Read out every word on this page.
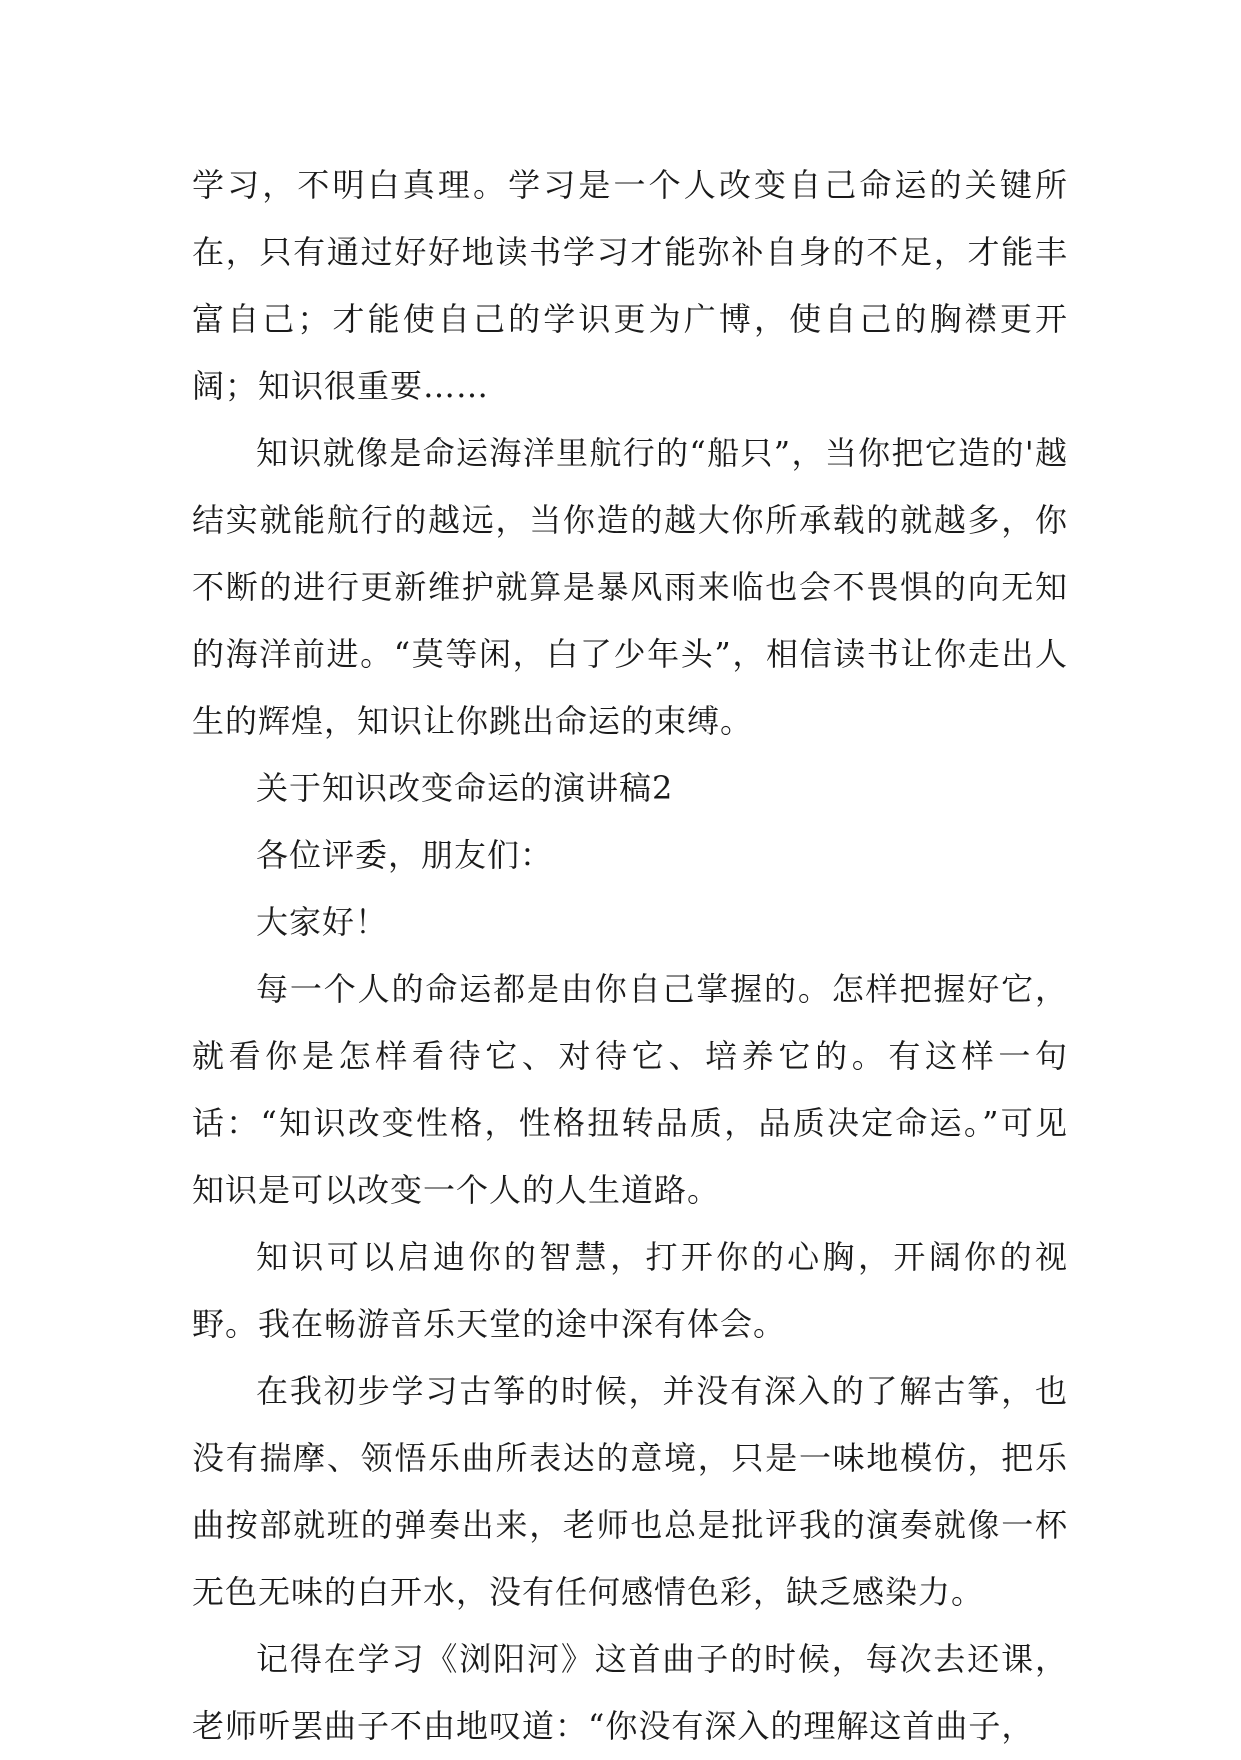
学习，不明白真理。学习是一个人改变自己命运的关键所在，只有通过好好地读书学习才能弥补自身的不足，才能丰富自己；才能使自己的学识更为广博，使自己的胸襟更开阔；知识很重要……

知识就像是命运海洋里航行的“船只”，当你把它造的'越结实就能航行的越远，当你造的越大你所承载的就越多，你不断的进行更新维护就算是暴风雨来临也会不畏惧的向无知的海洋前进。“莫等闲，白了少年头”，相信读书让你走出人生的辉煌，知识让你跳出命运的束缚。

关于知识改变命运的演讲稿2

各位评委，朋友们：

大家好！

每一个人的命运都是由你自己掌握的。怎样把握好它，就看你是怎样看待它、对待它、培养它的。有这样一句话：“知识改变性格，性格扭转品质，品质决定命运。”可见知识是可以改变一个人的人生道路。

知识可以启迪你的智慧，打开你的心胸，开阔你的视野。我在畅游音乐天堂的途中深有体会。

在我初步学习古筝的时候，并没有深入的了解古筝，也没有揣摩、领悟乐曲所表达的意境，只是一味地模仿，把乐曲按部就班的弹奏出来，老师也总是批评我的演奏就像一杯无色无味的白开水，没有任何感情色彩，缺乏感染力。

记得在学习《浏阳河》这首曲子的时候，每次去还课，老师听罢曲子不由地叹道：“你没有深入的理解这首曲子，
